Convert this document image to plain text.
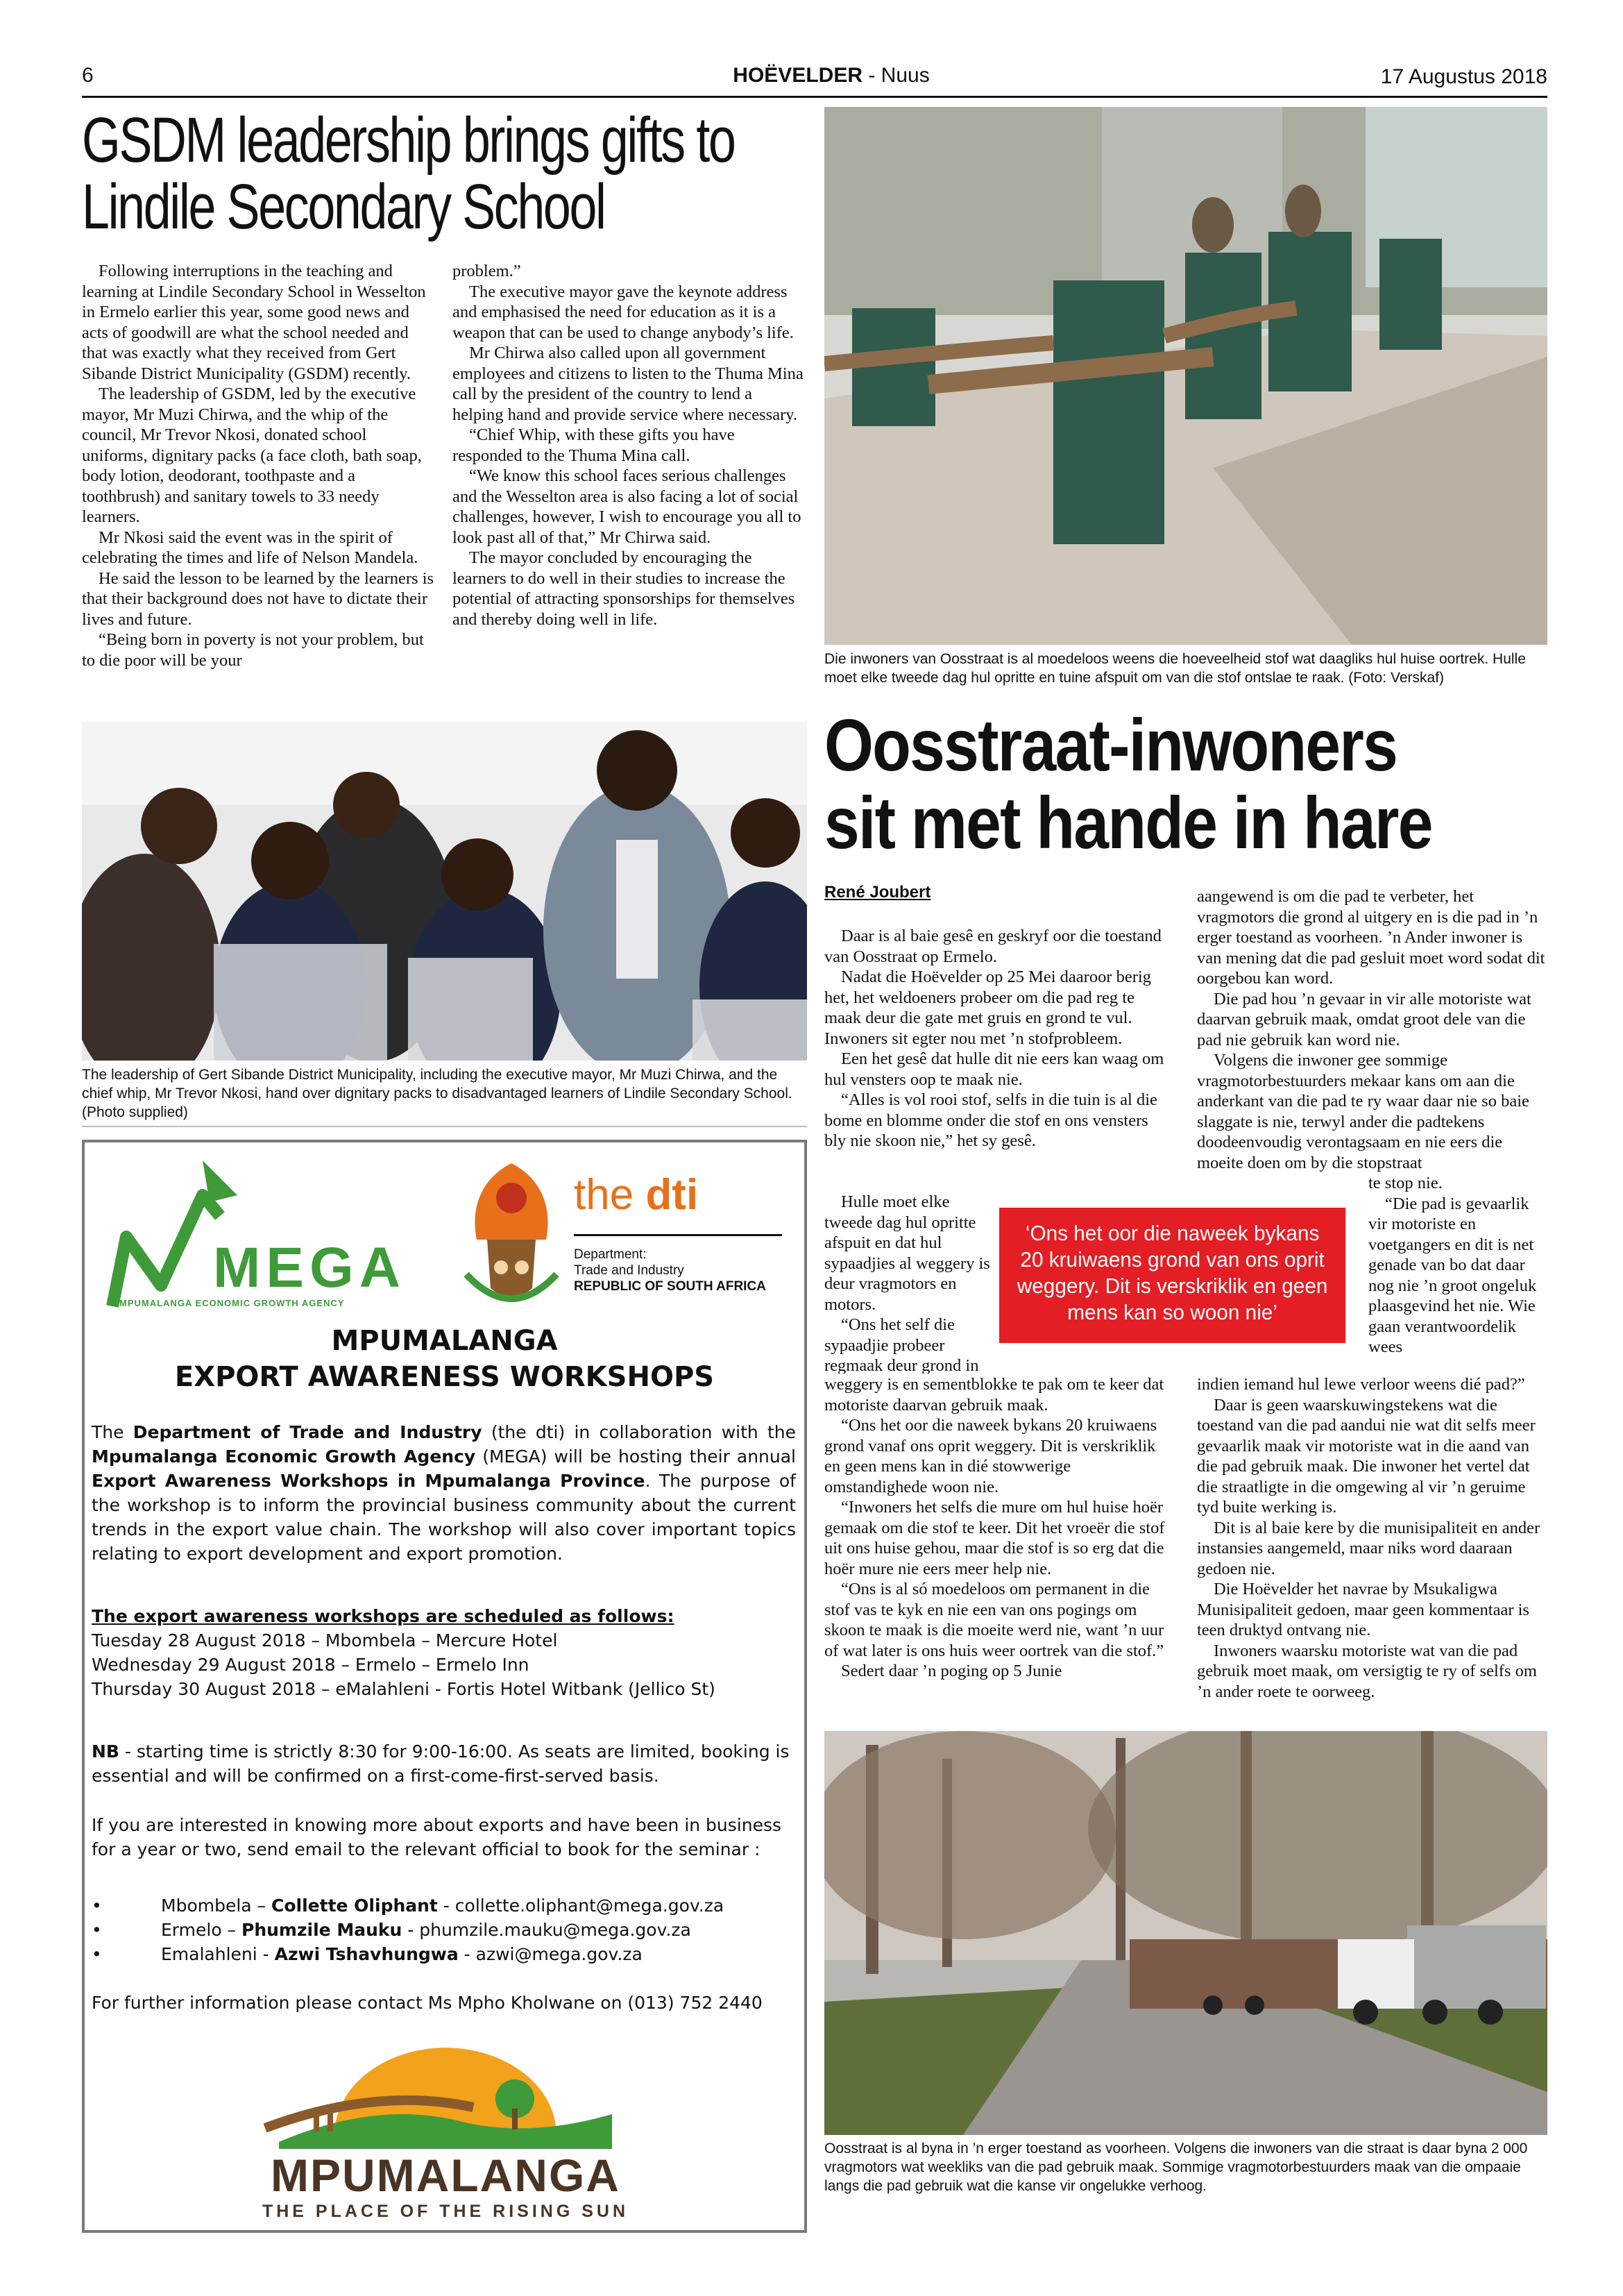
6	HOËVELDER - Nuus	17 Augustus 2018
GSDM leadership brings gifts to
Lindile Secondary School

Following interruptions in the teaching and learning at Lindile Secondary School in Wesselton in Ermelo earlier this year, some good news and acts of goodwill are what the school needed and that was exactly what they received from Gert Sibande District Municipality (GSDM) recently.

The leadership of GSDM, led by the executive mayor, Mr Muzi Chirwa, and the whip of the council, Mr Trevor Nkosi, donated school uniforms, dignitary packs (a face cloth, bath soap, body lotion, deodorant, toothpaste and a toothbrush) and sanitary towels to 33 needy learners.

Mr Nkosi said the event was in the spirit of celebrating the times and life of Nelson Mandela.

He said the lesson to be learned by the learners is that their background does not have to dictate their lives and future.

“Being born in poverty is not your problem, but to die poor will be your

problem.”

The executive mayor gave the keynote address and emphasised the need for education as it is a weapon that can be used to change anybody’s life.

Mr Chirwa also called upon all government employees and citizens to listen to the Thuma Mina call by the president of the country to lend a helping hand and provide service where necessary.

“Chief Whip, with these gifts you have responded to the Thuma Mina call.

“We know this school faces serious challenges and the Wesselton area is also facing a lot of social challenges, however, I wish to encourage you all to look past all of that,” Mr Chirwa said.

The mayor concluded by encouraging the learners to do well in their studies to increase the potential of attracting sponsorships for themselves and thereby doing well in life.

The leadership of Gert Sibande District Municipality, including the executive mayor, Mr Muzi Chirwa, and the chief whip, Mr Trevor Nkosi, hand over dignitary packs to disadvantaged learners of Lindile Secondary School. (Photo supplied)
MEGA
MPUMALANGA ECONOMIC GROWTH AGENCY
the dti
Department:
Trade and Industry
REPUBLIC OF SOUTH AFRICA
MPUMALANGA
EXPORT AWARENESS WORKSHOPS
The Department of Trade and Industry (the dti) in collaboration with the Mpumalanga Economic Growth Agency (MEGA) will be hosting their annual Export Awareness Workshops in Mpumalanga Province. The purpose of the workshop is to inform the provincial business community about the current trends in the export value chain. The workshop will also cover important topics relating to export development and export promotion.
The export awareness workshops are scheduled as follows:
Tuesday 28 August 2018 – Mbombela – Mercure Hotel
Wednesday 29 August 2018 – Ermelo – Ermelo Inn
Thursday 30 August 2018 – eMalahleni - Fortis Hotel Witbank (Jellico St)
NB - starting time is strictly 8:30 for 9:00-16:00. As seats are limited, booking is essential and will be confirmed on a first-come-first-served basis.
If you are interested in knowing more about exports and have been in business for a year or two, send email to the relevant official to book for the seminar :
•	Mbombela – Collette Oliphant - collette.oliphant@mega.gov.za
•	Ermelo – Phumzile Mauku - phumzile.mauku@mega.gov.za
•	Emalahleni - Azwi Tshavhungwa - azwi@mega.gov.za
For further information please contact Ms Mpho Kholwane on (013) 752 2440
MPUMALANGA
THE PLACE OF THE RISING SUN
Die inwoners van Oosstraat is al moedeloos weens die hoeveelheid stof wat daagliks hul huise oortrek. Hulle moet elke tweede dag hul opritte en tuine afspuit om van die stof ontslae te raak. (Foto: Verskaf)
Oosstraat-inwoners
sit met hande in hare
René Joubert

Daar is al baie gesê en geskryf oor die toestand van Oosstraat op Ermelo.

Nadat die Hoëvelder op 25 Mei daaroor berig het, het weldoeners probeer om die pad reg te maak deur die gate met gruis en grond te vul. Inwoners sit egter nou met ’n stofprobleem.

Een het gesê dat hulle dit nie eers kan waag om hul vensters oop te maak nie.

“Alles is vol rooi stof, selfs in die tuin is al die bome en blomme onder die stof en ons vensters bly nie skoon nie,” het sy gesê.

Hulle moet elke tweede dag hul opritte afspuit en dat hul sypaadjies al weggery is deur vragmotors en motors.

“Ons het self die sypaadjie probeer regmaak deur grond in

weggery is en sementblokke te pak om te keer dat motoriste daarvan gebruik maak.

“Ons het oor die naweek bykans 20 kruiwaens grond vanaf ons oprit weggery. Dit is verskriklik en geen mens kan in dié stowwerige omstandighede woon nie.

“Inwoners het selfs die mure om hul huise hoër gemaak om die stof te keer. Dit het vroeër die stof uit ons huise gehou, maar die stof is so erg dat die hoër mure nie eers meer help nie.

“Ons is al só moedeloos om permanent in die stof vas te kyk en nie een van ons pogings om skoon te maak is die moeite werd nie, want ’n uur of wat later is ons huis weer oortrek van die stof.”

Sedert daar ’n poging op 5 Junie

aangewend is om die pad te verbeter, het vragmotors die grond al uitgery en is die pad in ’n erger toestand as voorheen. ’n Ander inwoner is van mening dat die pad gesluit moet word sodat dit oorgebou kan word.

Die pad hou ’n gevaar in vir alle motoriste wat daarvan gebruik maak, omdat groot dele van die pad nie gebruik kan word nie.

Volgens die inwoner gee sommige vragmotorbestuurders mekaar kans om aan die anderkant van die pad te ry waar daar nie so baie slaggate is nie, terwyl ander die padtekens doodeenvoudig verontagsaam en nie eers die moeite doen om by die stopstraat

te stop nie.

“Die pad is gevaarlik vir motoriste en voetgangers en dit is net genade van bo dat daar nog nie ’n groot ongeluk plaasgevind het nie. Wie gaan verantwoordelik wees

indien iemand hul lewe verloor weens dié pad?”

Daar is geen waarskuwingstekens wat die toestand van die pad aandui nie wat dit selfs meer gevaarlik maak vir motoriste wat in die aand van die pad gebruik maak. Die inwoner het vertel dat die straatligte in die omgewing al vir ’n geruime tyd buite werking is.

Dit is al baie kere by die munisipaliteit en ander instansies aangemeld, maar niks word daaraan gedoen nie.

Die Hoëvelder het navrae by Msukaligwa Munisipaliteit gedoen, maar geen kommentaar is teen druktyd ontvang nie.

Inwoners waarsku motoriste wat van die pad gebruik moet maak, om versigtig te ry of selfs om ’n ander roete te oorweeg.

‘Ons het oor die naweek bykans 20 kruiwaens grond van ons oprit weggery. Dit is verskriklik en geen mens kan so woon nie’
Oosstraat is al byna in ’n erger toestand as voorheen. Volgens die inwoners van die straat is daar byna 2 000 vragmotors wat weekliks van die pad gebruik maak. Sommige vragmotorbestuurders maak van die ompaaie langs die pad gebruik wat die kanse vir ongelukke verhoog.
